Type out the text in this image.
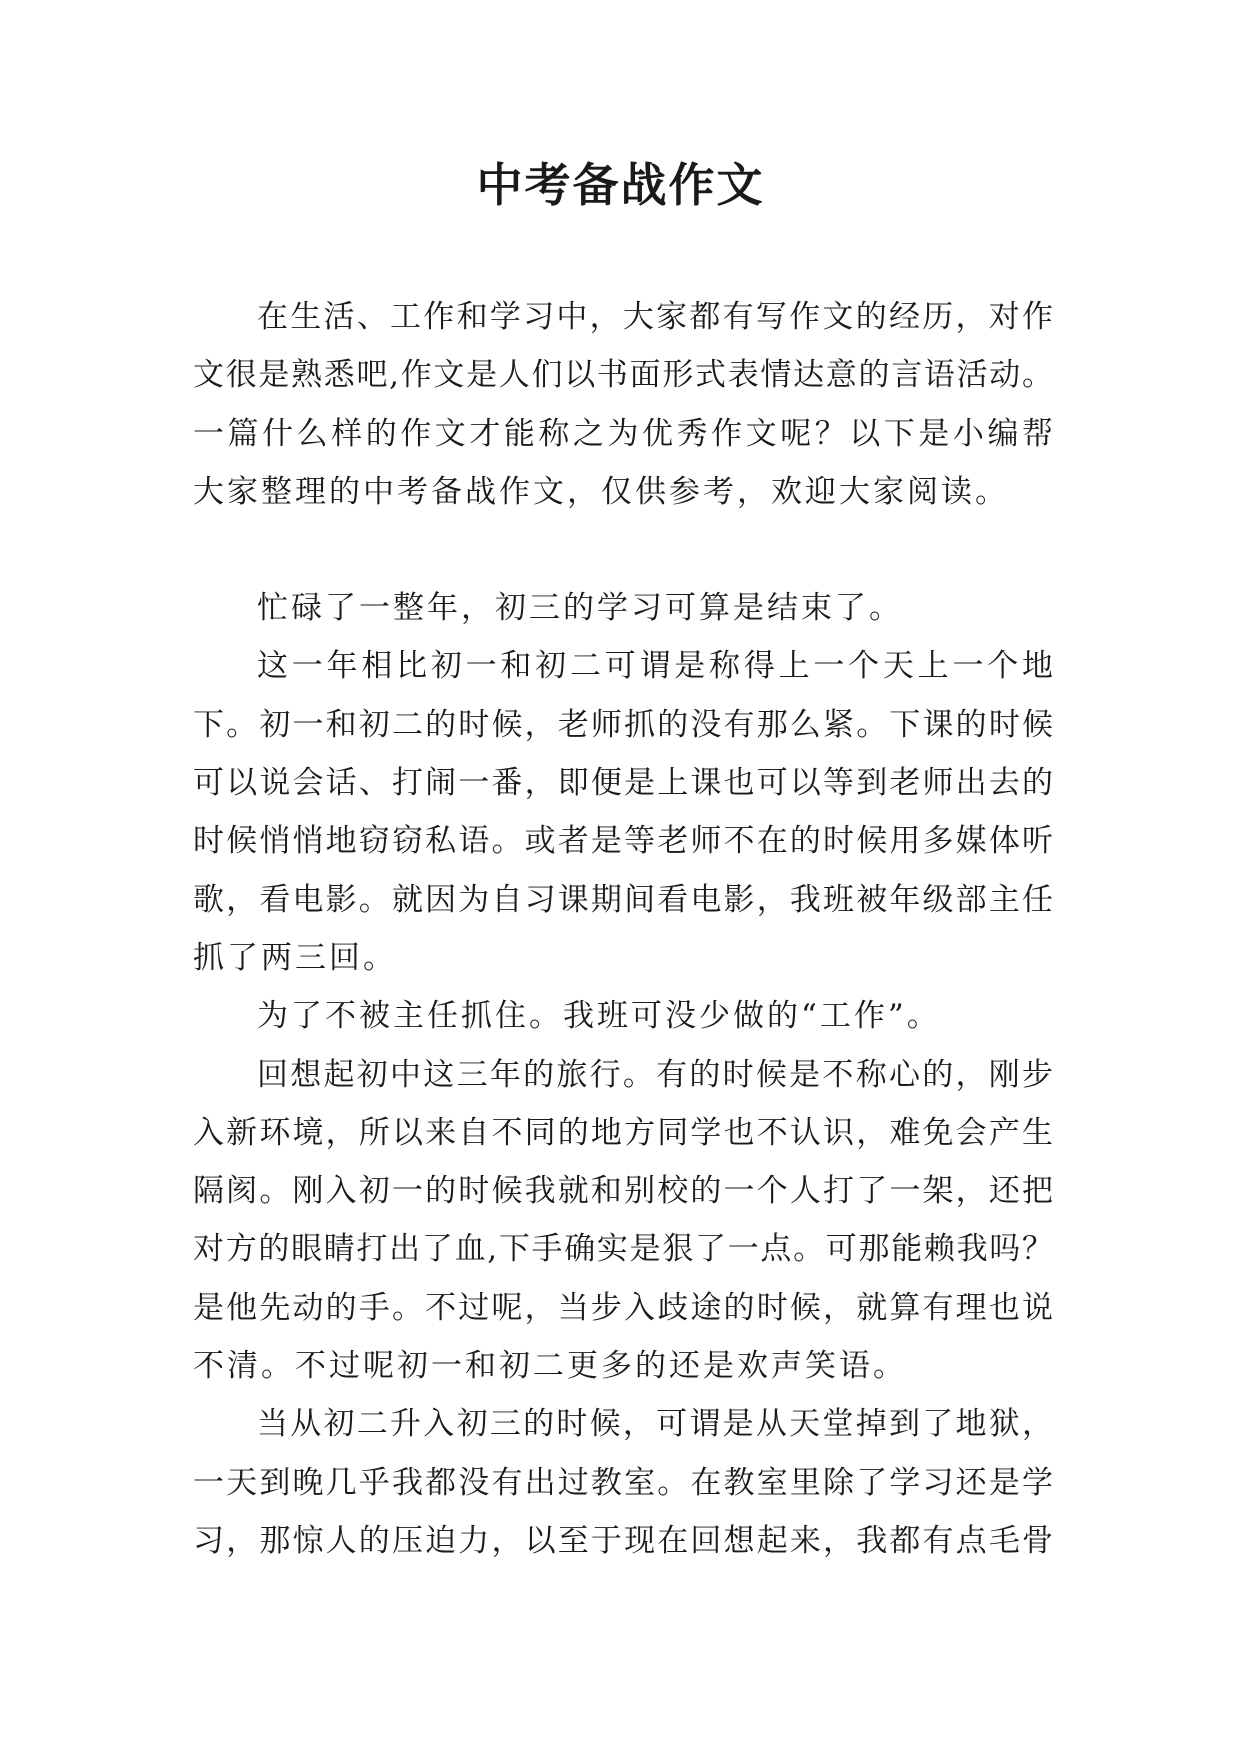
中考备战作文

在生活、工作和学习中，大家都有写作文的经历，对作

文很是熟悉吧,作文是人们以书面形式表情达意的言语活动。

一篇什么样的作文才能称之为优秀作文呢？以下是小编帮

大家整理的中考备战作文，仅供参考，欢迎大家阅读。

忙碌了一整年，初三的学习可算是结束了。

这一年相比初一和初二可谓是称得上一个天上一个地

下。初一和初二的时候，老师抓的没有那么紧。下课的时候

可以说会话、打闹一番，即便是上课也可以等到老师出去的

时候悄悄地窃窃私语。或者是等老师不在的时候用多媒体听

歌，看电影。就因为自习课期间看电影，我班被年级部主任

抓了两三回。

为了不被主任抓住。我班可没少做的“工作”。

回想起初中这三年的旅行。有的时候是不称心的，刚步

入新环境，所以来自不同的地方同学也不认识，难免会产生

隔阂。刚入初一的时候我就和别校的一个人打了一架，还把

对方的眼睛打出了血,下手确实是狠了一点。可那能赖我吗？

是他先动的手。不过呢，当步入歧途的时候，就算有理也说

不清。不过呢初一和初二更多的还是欢声笑语。

当从初二升入初三的时候，可谓是从天堂掉到了地狱，

一天到晚几乎我都没有出过教室。在教室里除了学习还是学

习，那惊人的压迫力，以至于现在回想起来，我都有点毛骨
